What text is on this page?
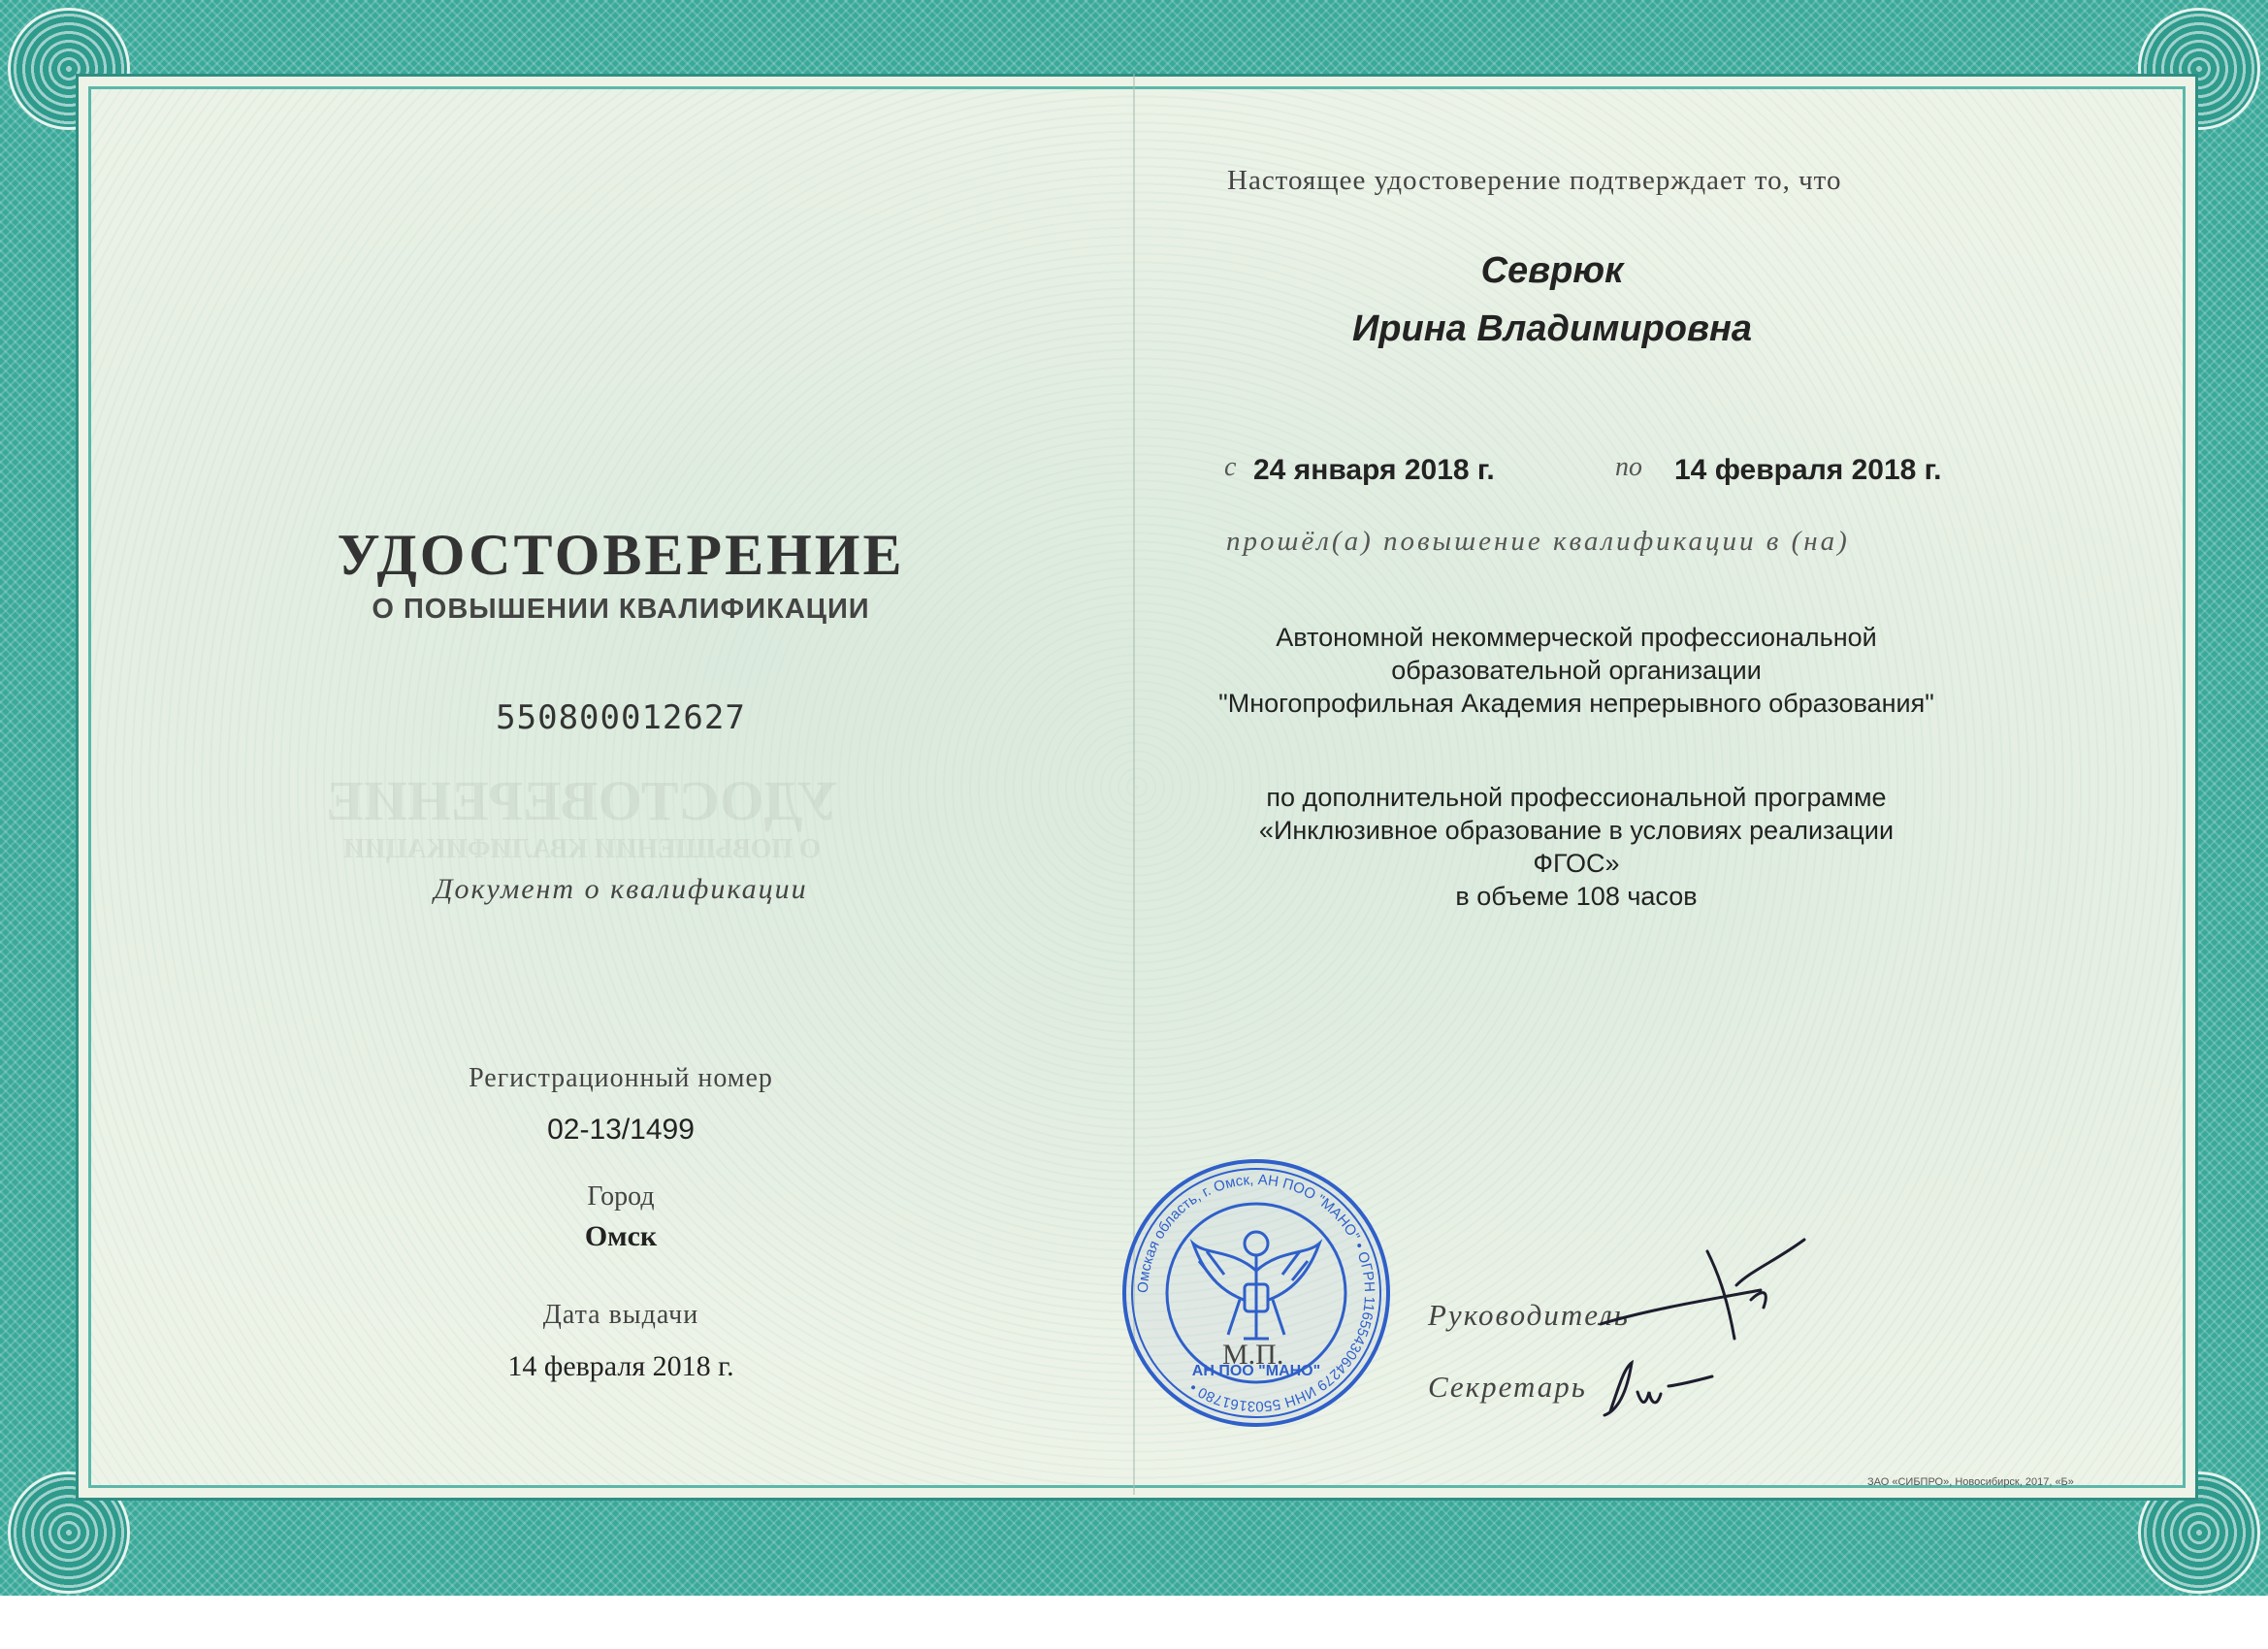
УДОСТОВЕРЕНИЕ
О ПОВЫШЕНИИ КВАЛИФИКАЦИИ
550800012627
УДОСТОВЕРЕНИЕ
О ПОВЫШЕНИИ КВАЛИФИКАЦИИ
Документ о квалификации
Регистрационный номер
02-13/1499
Город
Омск
Дата выдачи
14 февраля 2018 г.
Настоящее удостоверение подтверждает то, что
Севрюк
Ирина Владимировна
с 24 января 2018 г.	по 14 февраля 2018 г.
прошёл(а) повышение квалификации в (на)
Автономной некоммерческой профессиональной
образовательной организации
"Многопрофильная Академия непрерывного образования"
по дополнительной профессиональной программе
«Инклюзивное образование в условиях реализации ФГОС»
в объеме 108 часов
Омская область, г. Омск, АН ПОО "МАНО" • ОГРН 1165543064279 ИНН 5503161780 •
АН ПОО "МАНО"
М.П.
Руководитель
Секретарь
ЗАО «СИБПРО», Новосибирск, 2017, «Б»
